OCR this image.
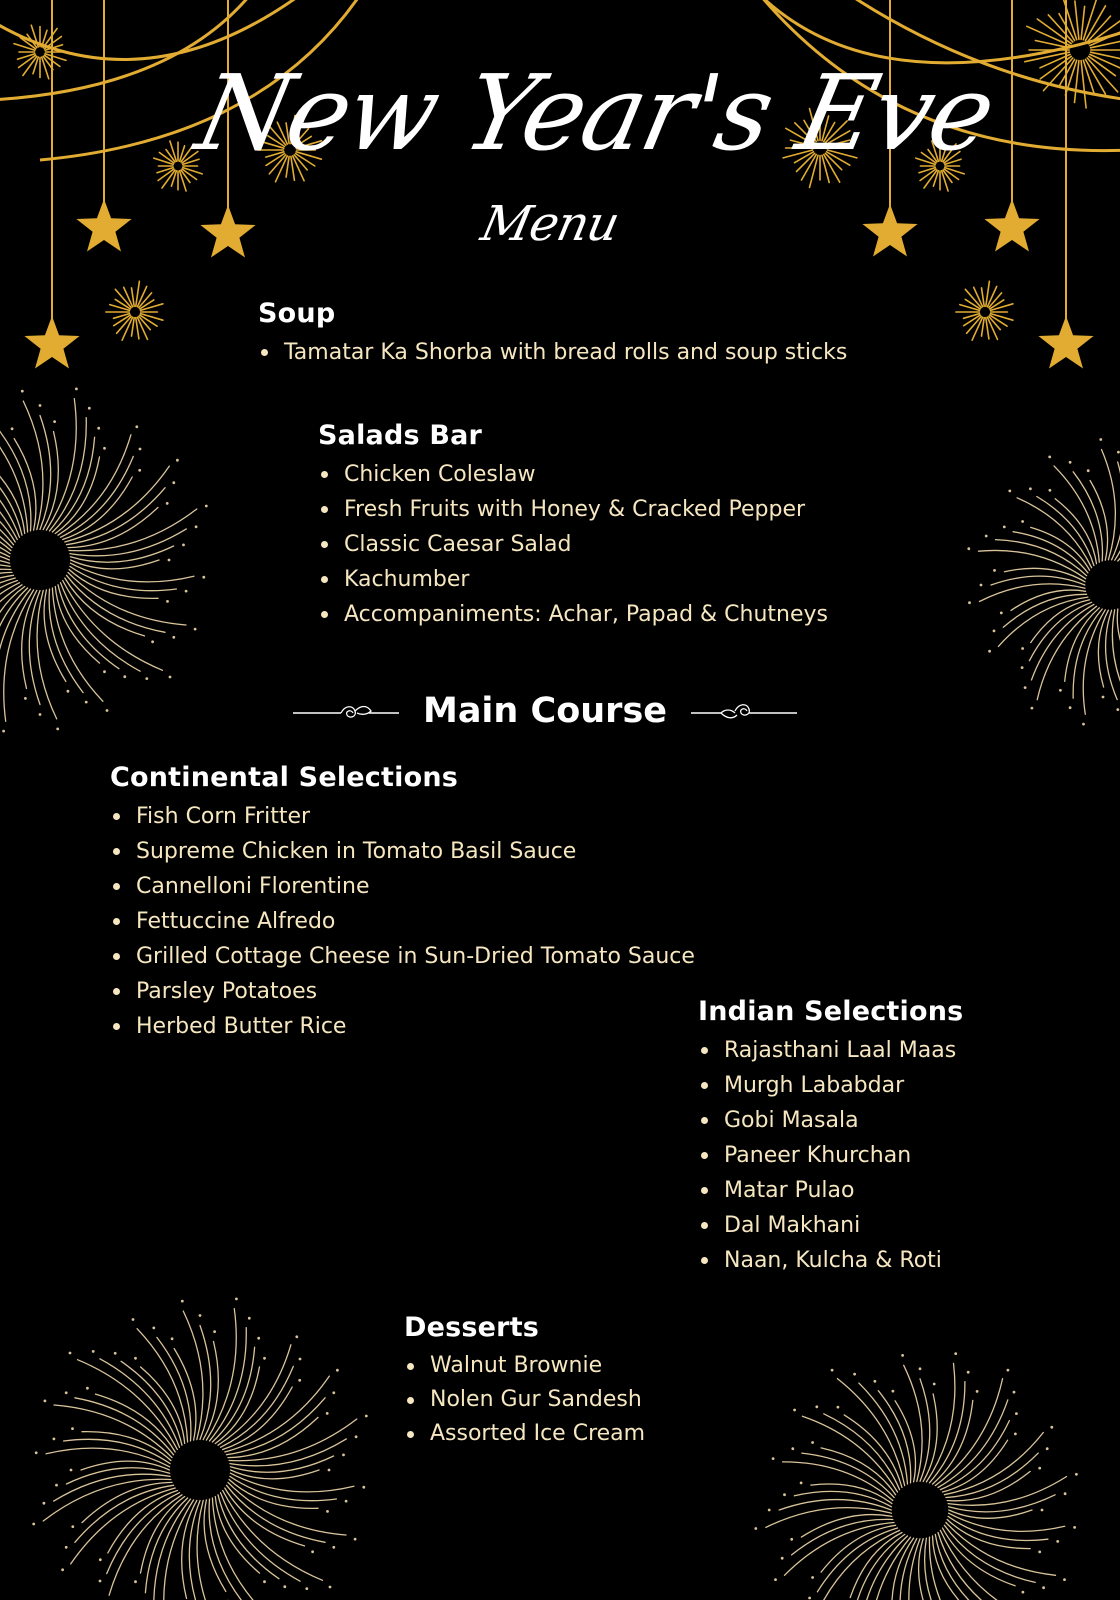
New Year's Eve
Menu
Soup
Tamatar Ka Shorba with bread rolls and soup sticks
Salads Bar
Chicken Coleslaw
Fresh Fruits with Honey & Cracked Pepper
Classic Caesar Salad
Kachumber
Accompaniments: Achar, Papad & Chutneys
Main Course
Continental Selections
Fish Corn Fritter
Supreme Chicken in Tomato Basil Sauce
Cannelloni Florentine
Fettuccine Alfredo
Grilled Cottage Cheese in Sun-Dried Tomato Sauce
Parsley Potatoes
Herbed Butter Rice	Indian Selections
Rajasthani Laal Maas
Murgh Lababdar
Gobi Masala
Paneer Khurchan
Matar Pulao
Dal Makhani
Naan, Kulcha & Roti
Desserts
Walnut Brownie
Nolen Gur Sandesh
Assorted Ice Cream
